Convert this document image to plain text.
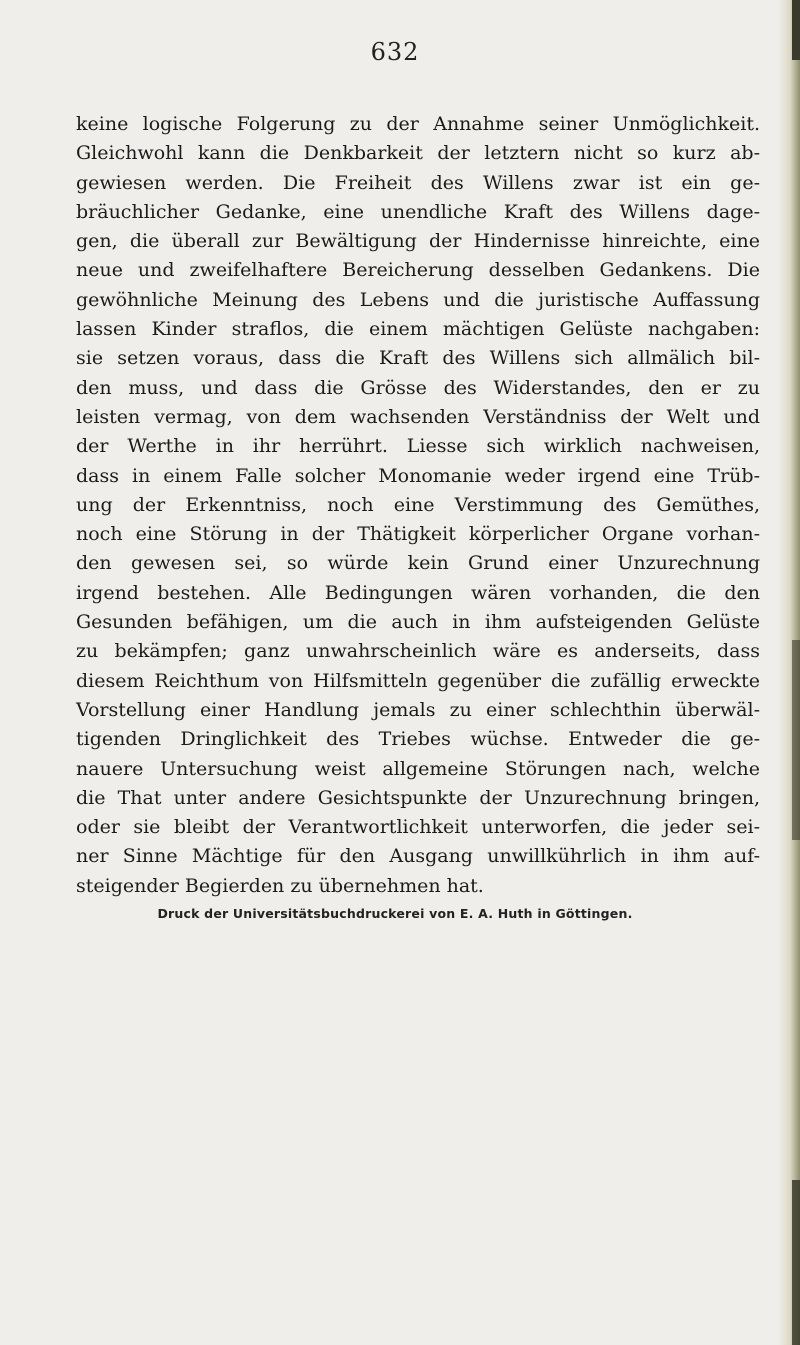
632
keine logische Folgerung zu der Annahme seiner Unmöglichkeit.
Gleichwohl kann die Denkbarkeit der letztern nicht so kurz ab-
gewiesen werden. Die Freiheit des Willens zwar ist ein ge-
bräuchlicher Gedanke, eine unendliche Kraft des Willens dage-
gen, die überall zur Bewältigung der Hindernisse hinreichte, eine
neue und zweifelhaftere Bereicherung desselben Gedankens. Die
gewöhnliche Meinung des Lebens und die juristische Auffassung
lassen Kinder straflos, die einem mächtigen Gelüste nachgaben:
sie setzen voraus, dass die Kraft des Willens sich allmälich bil-
den muss, und dass die Grösse des Widerstandes, den er zu
leisten vermag, von dem wachsenden Verständniss der Welt und
der Werthe in ihr herrührt. Liesse sich wirklich nachweisen,
dass in einem Falle solcher Monomanie weder irgend eine Trüb-
ung der Erkenntniss, noch eine Verstimmung des Gemüthes,
noch eine Störung in der Thätigkeit körperlicher Organe vorhan-
den gewesen sei, so würde kein Grund einer Unzurechnung
irgend bestehen. Alle Bedingungen wären vorhanden, die den
Gesunden befähigen, um die auch in ihm aufsteigenden Gelüste
zu bekämpfen; ganz unwahrscheinlich wäre es anderseits, dass
diesem Reichthum von Hilfsmitteln gegenüber die zufällig erweckte
Vorstellung einer Handlung jemals zu einer schlechthin überwäl-
tigenden Dringlichkeit des Triebes wüchse. Entweder die ge-
nauere Untersuchung weist allgemeine Störungen nach, welche
die That unter andere Gesichtspunkte der Unzurechnung bringen,
oder sie bleibt der Verantwortlichkeit unterworfen, die jeder sei-
ner Sinne Mächtige für den Ausgang unwillkührlich in ihm auf-
steigender Begierden zu übernehmen hat.
Druck der Universitätsbuchdruckerei von E. A. Huth in Göttingen.
